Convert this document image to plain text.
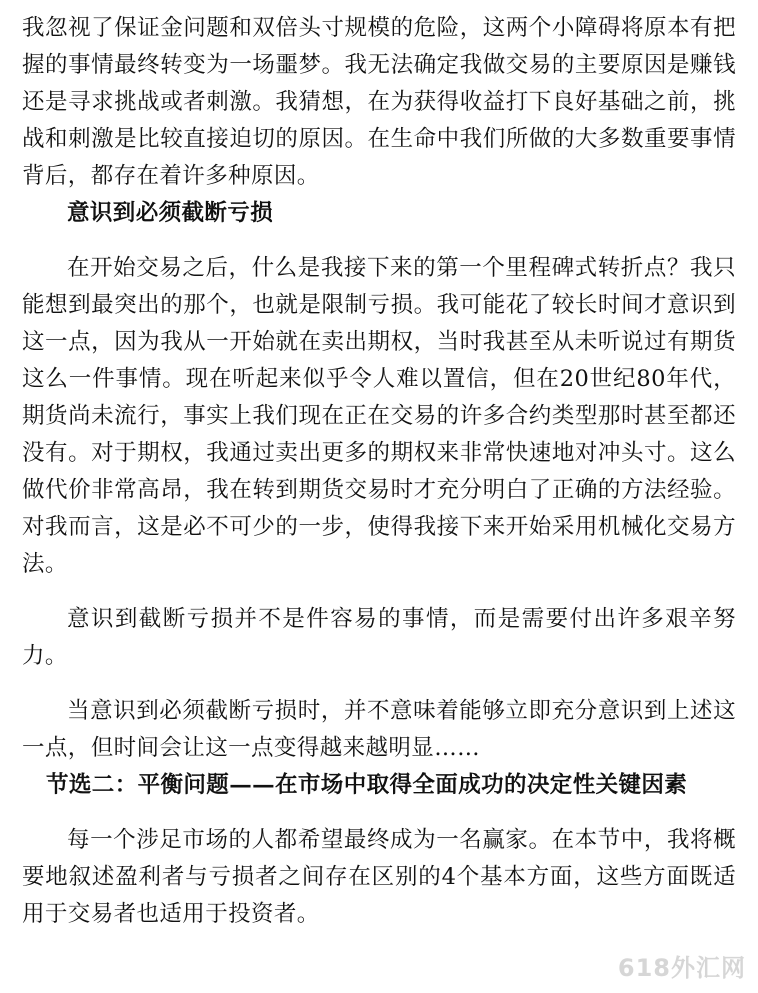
我忽视了保证金问题和双倍头寸规模的危险，这两个小障碍将原本有把握的事情最终转变为一场噩梦。我无法确定我做交易的主要原因是赚钱还是寻求挑战或者刺激。我猜想，在为获得收益打下良好基础之前，挑战和刺激是比较直接迫切的原因。在生命中我们所做的大多数重要事情背后，都存在着许多种原因。

意识到必须截断亏损

在开始交易之后，什么是我接下来的第一个里程碑式转折点？我只能想到最突出的那个，也就是限制亏损。我可能花了较长时间才意识到这一点，因为我从一开始就在卖出期权，当时我甚至从未听说过有期货这么一件事情。现在听起来似乎令人难以置信，但在20世纪80年代，期货尚未流行，事实上我们现在正在交易的许多合约类型那时甚至都还没有。对于期权，我通过卖出更多的期权来非常快速地对冲头寸。这么做代价非常高昂，我在转到期货交易时才充分明白了正确的方法经验。对我而言，这是必不可少的一步，使得我接下来开始采用机械化交易方法。

意识到截断亏损并不是件容易的事情，而是需要付出许多艰辛努力。

当意识到必须截断亏损时，并不意味着能够立即充分意识到上述这一点，但时间会让这一点变得越来越明显……

节选二：平衡问题——在市场中取得全面成功的决定性关键因素

每一个涉足市场的人都希望最终成为一名赢家。在本节中，我将概要地叙述盈利者与亏损者之间存在区别的4个基本方面，这些方面既适用于交易者也适用于投资者。

618外汇网
